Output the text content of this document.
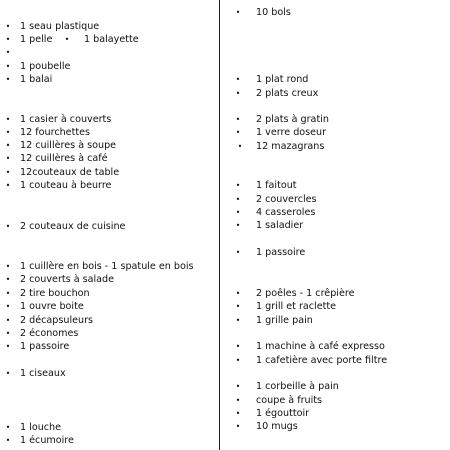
• 1 seau plastique
• 1 pelle • 1 balayette
•
• 1 poubelle
• 1 balai
• 1 casier à couverts
• 12 fourchettes
• 12 cuillères à soupe
• 12 cuillères à café
• 12couteaux de table
• 1 couteau à beurre
• 2 couteaux de cuisine
• 1 cuillère en bois - 1 spatule en bois
• 2 couverts à salade
• 2 tire bouchon
• 1 ouvre boite
• 2 décapsuleurs
• 2 économes
• 1 passoire
• 1 ciseaux
• 1 louche
• 1 écumoire
• 10 bols
• 1 plat rond
• 2 plats creux
• 2 plats à gratin
• 1 verre doseur
• 12 mazagrans
• 1 faitout
• 2 couvercles
• 4 casseroles
• 1 saladier
• 1 passoire
• 2 poêles - 1 crêpière
• 1 grill et raclette
• 1 grille pain
• 1 machine à café expresso
• 1 cafetière avec porte filtre
• 1 corbeille à pain
• coupe à fruits
• 1 égouttoir
• 10 mugs
